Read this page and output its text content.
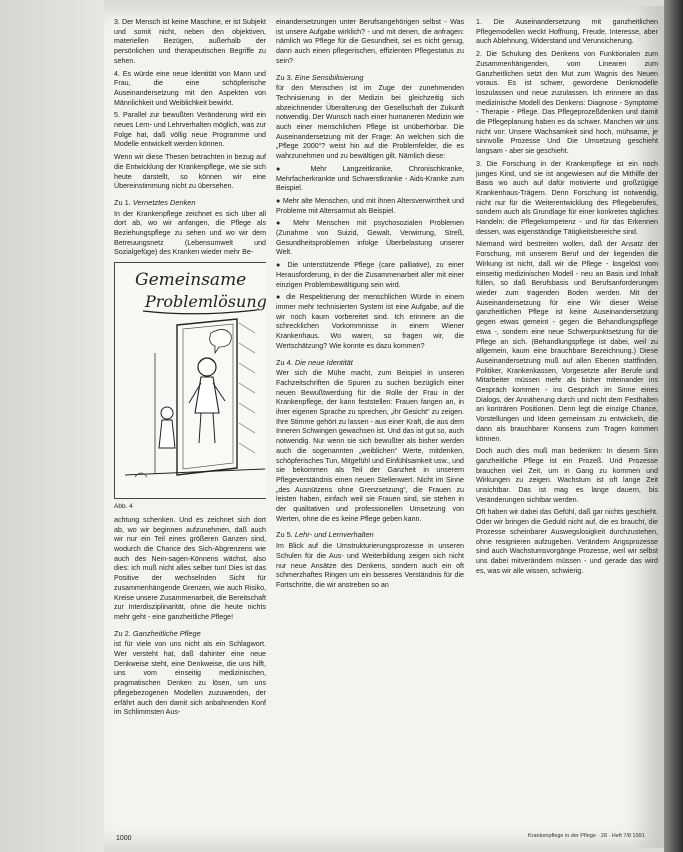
3. Der Mensch ist keine Maschine, er ist Subjekt und somit nicht, neben den objektiven, materiellen Bezügen, außerhalb der persönlichen und therapeutischen Begriffe zu sehen.

4. Es würde eine neue Identität von Mann und Frau, die eine schöpferische Auseinandersetzung mit den Aspekten von Männlichkeit und Weiblichkeit bewirkt.

5. Parallel zur bewußten Veränderung wird ein neues Lern- und Lehrverhalten möglich, was zur Folge hat, daß völlig neue Programme und Modelle entwickelt werden können.

Wenn wir diese Thesen betrachten in bezug auf die Entwicklung der Krankenpflege, wie sie sich heute darstellt, so können wir eine Übereinstimmung nicht zu übersehen.

Zu 1. Vernetztes Denken

In der Krankenpflege zeichnet es sich über all dort ab, wo wir anfangen, die Pflege als Beziehungspflege zu sehen und wo wir dem Betreuungsnetz (Lebensumwelt und Sozialgefüge) des Kranken wieder mehr Be-

Gemeinsame
Problemlösung
Abb. 4

achtung schenken. Und es zeichnet sich dort ab, wo wir beginnen aufzunehmen, daß auch wir nur ein Teil eines größeren Ganzen sind, wodurch die Chance des Sich-Abgrenzens wie auch des Nein-sagen-Könnens wächst, also dies: ich muß nicht alles selber tun! Dies ist das Positive der wechselnden Sicht für zusammenhängende Grenzen, wie auch Risiko, Kreise unsere Zusammenarbeit, die Bereitschaft zur Interdisziplinarität, ohne die heute nichts mehr geht - eine ganzheitliche Pflege!

Zu 2. Ganzheitliche Pflege

ist für viele von uns nicht als ein Schlagwort. Wer versteht hat, daß dahinter eine neue Denkweise steht, eine Denkweise, die uns hilft, uns vom einseitig medizinischen, pragmatischen Denken zu lösen, um uns pflegebezogenen Modellen zuzuwenden, der erfährt auch den damit sich anbahnenden Konf im Schlimmsten Aus-

einandersetzungen unter Berufsangehörigen selbst - Was ist unsere Aufgabe wirklich? - und mit denen, die anfragen: nämlich wo Pflege für die Gesundheit, sei es nicht genug, dann auch einen pflegerischen, effizienten Pflegestatus zu sein?

Zu 3. Eine Sensibilisierung

für den Menschen ist im Zuge der zunehmenden Technisierung in der Medizin bei gleichzeitig sich abzeichnender Überalterung der Gesellschaft der Zukunft notwendig. Der Wunsch nach einer humaneren Medizin wie auch einer menschlichen Pflege ist unüberhörbar. Die Auseinandersetzung mit der Frage: An welchen sich die „Pflege 2000“? weist hin auf die Problemfelder, die es wahrzunehmen und zu bewältigen gilt. Nämlich diese:

● Mehr Langzeitkranke, Chronischkranke, Mehrfacherkrankte und Schwerstkranke - Aids-Kranke zum Beispiel.

● Mehr alte Menschen, und mit ihnen Altersverwirrtheit und Probleme mit Altersarmut als Beispiel.

● Mehr Menschen mit psychosozialen Problemen (Zunahme von Suizid, Gewalt, Verwirrung, Streß, Gesundheitsproblemen infolge Überbelastung unserer Welt.

● Die unterstützende Pflege (care palliative), zu einer Herausforderung, in der die Zusammenarbeit aller mit einer einzigen Problembewältigung sein wird.

● die Respektierung der menschlichen Würde in einem immer mehr technisierten System ist eine Aufgabe, auf die wir noch kaum vorbereitet sind. Ich erinnere an die schrecklichen Vorkommnisse in einem Wiener Krankenhaus. Wo waren, so fragen wir, die Wertschätzung? Wie konnte es dazu kommen?

Zu 4. Die neue Identität

Wer sich die Mühe macht, zum Beispiel in unseren Fachzeitschriften die Spuren zu suchen bezüglich einer neuen Bewußtwerdung für die Rolle der Frau in der Krankenpflege, der kann feststellen: Frauen fangen an, in ihrer eigenen Sprache zu sprechen, „ihr Gesicht“ zu zeigen. Ihre Stimme gehört zu lassen - aus einer Kraft, die aus dem Inneren Schwingen gewachsen ist. Und das ist gut so, auch notwendig. Nur wenn sie sich bewußter als bisher werden auch die sogenannten „weiblichen“ Werte, mitdenken, schöpferisches Tun, Mitgefühl und Einfühlsamkeit usw., und sie bekommen als Teil der Ganzheit in unserem Pflegeverständnis einen neuen Stellenwert. Nicht im Sinne „des Ausnützens ohne Grenzsetzung“, die Frauen zu leisten haben, einfach weil sie Frauen sind, sie stehen in der qualitativen und professionellen Umsetzung von Werten, ohne die es keine Pflege geben kann.

Zu 5. Lehr- und Lernverhalten

Im Blick auf die Umstrukturierungsprozesse in unseren Schulen für die Aus- und Weiterbildung zeigen sich nicht nur neue Ansätze des Denkens, sondern auch ein oft schmerzhaftes Ringen um ein besseres Verständnis für die Fortschritte, die wir anstreben so an

1. Die Auseinandersetzung mit ganzheitlichen Pflegemodellen weckt Hoffnung, Freude, Interesse, aber auch Ablehnung, Widerstand und Verunsicherung.

2. Die Schulung des Denkens von Funktionalen zum Zusammenhängenden, vom Linearen zum Ganzheitlichen setzt den Mut zum Wagnis des Neuen voraus. Es ist schwer, gewordene Denkmodelle loszulassen und neue zuzulassen. Ich erinnere an das medizinische Modell des Denkens: Diagnose - Symptome - Therapie - Pflege. Das Pflegeprozeßdenken und damit die Pflegeplanung haben es da schwer. Manchen wir uns nicht vor: Unsere Wachsamkeit sind hoch, mühsame, je sinnvolle Prozesse Und Die Umsetzung geschieht langsam - aber sie geschieht.

3. Die Forschung in der Krankenpflege ist ein noch junges Kind, und sie ist angewiesen auf die Mithilfe der Basis wo auch auf dafür motivierte und großzügige Krankenhaus-Trägern. Denn Forschung ist notwendig, nicht nur für die Weiterentwicklung des Pflegeberufes, sondern auch als Grundlage für einer konkretes tägliches Handeln: die Pflegekompetenz - und für das Erkennen dessen, was eigenständige Tätigkeitsbereiche sind.

Niemand wird bestreiten wollen, daß der Ansatz der Forschung, mit unserem Beruf und der liegenden die Wirkung ist nicht, daß wir die Pflege - losgelöst vom einseitig medizinischen Modell - neu an Basis und Inhalt füllen, so daß Berufsbasis und Berufsanforderungen wieder zum tragenden Boden werden. Mit der Auseinandersetzung für eine Wir dieser Weise ganzheitlichen Pflege ist keine Auseinandersetzung gegen etwas gemeint - gegen die Behandlungspflege etwa -, sondern eine neue Schwerpunktsetzung für die Pflege an sich. (Behandlungspflege ist dabei, weil zu allgemein, kaum eine brauchbare Bezeichnung.) Diese Auseinandersetzung muß auf allen Ebenen stattfinden. Politiker, Krankenkassen, Vorgesetzte aller Berufe und Mitarbeiter müssen mehr als bisher miteinander ins Gespräch kommen - ins Gespräch im Sinne eines Dialogs, der Annäherung durch und nicht dem Festhalten an konträren Positionen. Denn legt die einzige Chance, Vorstellungen und Ideen gemeinsam zu entwickeln, die dann als brauchbarer Konsens zum Tragen kommen können.

Doch auch dies muß man bedenken: In diesem Sinn ganzheitliche Pflege ist ein Prozeß. Und Prozesse brauchen viel Zeit, um in Gang zu kommen und Wirkungen zu zeigen. Wachstum ist oft lange Zeit unsichtbar. Das ist mag es lange dauern, bis Veränderungen sichtbar werden.

Oft haben wir dabei das Gefühl, daß gar nichts geschieht. Oder wir bringen die Geduld nicht auf, die es braucht, die Prozesse scheinbarer Auswegslosigkeit durchzustehen, ohne resignieren aufzugeben. Verändern Angsprozesse sind auch Wachstumsvorgänge Prozesse, weil wir selbst uns dabei mitverändern müssen - und gerade das wird es, was wir alle wissen, schwierig.

1000	Krankenpflege in der Pflege · 28 · Heft 7/8 1991
